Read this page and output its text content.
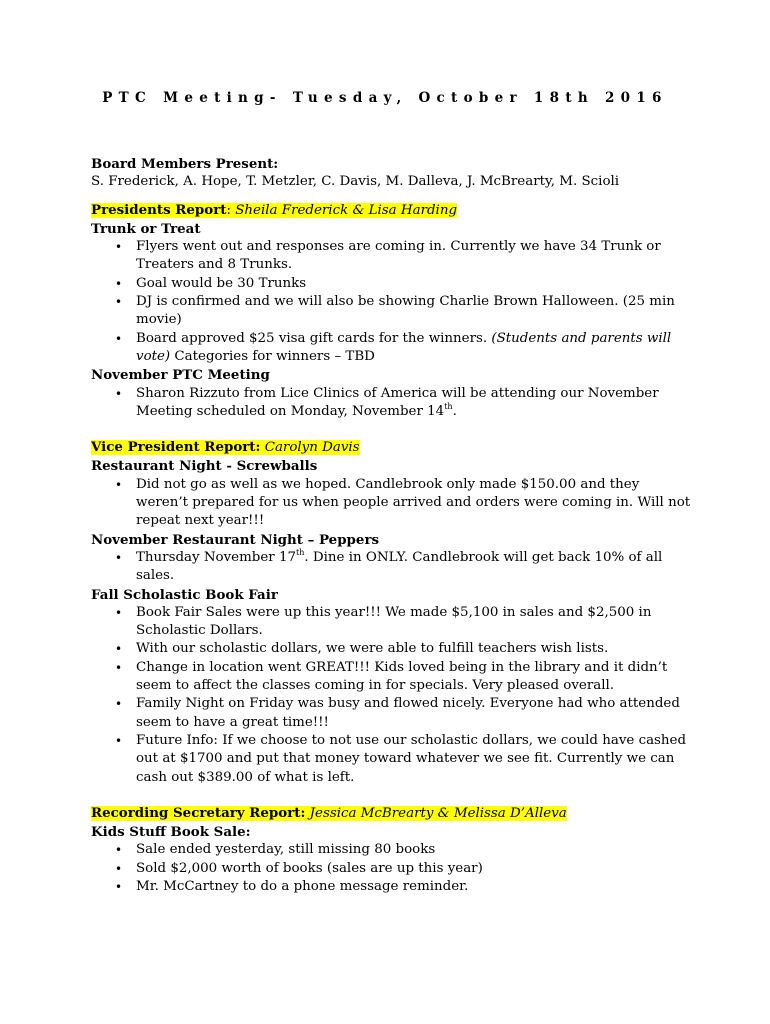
PTC Meeting- Tuesday, October 18th 2016
Board Members Present:
S. Frederick, A. Hope, T. Metzler, C. Davis, M. Dalleva, J. McBrearty, M. Scioli
Presidents Report: Sheila Frederick & Lisa Harding
Trunk or Treat
• Flyers went out and responses are coming in. Currently we have 34 Trunk or Treaters and 8 Trunks.
• Goal would be 30 Trunks
• DJ is confirmed and we will also be showing Charlie Brown Halloween. (25 min movie)
• Board approved $25 visa gift cards for the winners. (Students and parents will vote) Categories for winners – TBD
November PTC Meeting
• Sharon Rizzuto from Lice Clinics of America will be attending our November Meeting scheduled on Monday, November 14th.
Vice President Report: Carolyn Davis
Restaurant Night - Screwballs
• Did not go as well as we hoped. Candlebrook only made $150.00 and they weren’t prepared for us when people arrived and orders were coming in. Will not repeat next year!!!
November Restaurant Night – Peppers
• Thursday November 17th. Dine in ONLY. Candlebrook will get back 10% of all sales.
Fall Scholastic Book Fair
• Book Fair Sales were up this year!!! We made $5,100 in sales and $2,500 in Scholastic Dollars.
• With our scholastic dollars, we were able to fulfill teachers wish lists.
• Change in location went GREAT!!! Kids loved being in the library and it didn’t seem to affect the classes coming in for specials. Very pleased overall.
• Family Night on Friday was busy and flowed nicely. Everyone had who attended seem to have a great time!!!
• Future Info: If we choose to not use our scholastic dollars, we could have cashed out at $1700 and put that money toward whatever we see fit. Currently we can cash out $389.00 of what is left.
Recording Secretary Report: Jessica McBrearty & Melissa D’Alleva
Kids Stuff Book Sale:
• Sale ended yesterday, still missing 80 books
• Sold $2,000 worth of books (sales are up this year)
• Mr. McCartney to do a phone message reminder.
